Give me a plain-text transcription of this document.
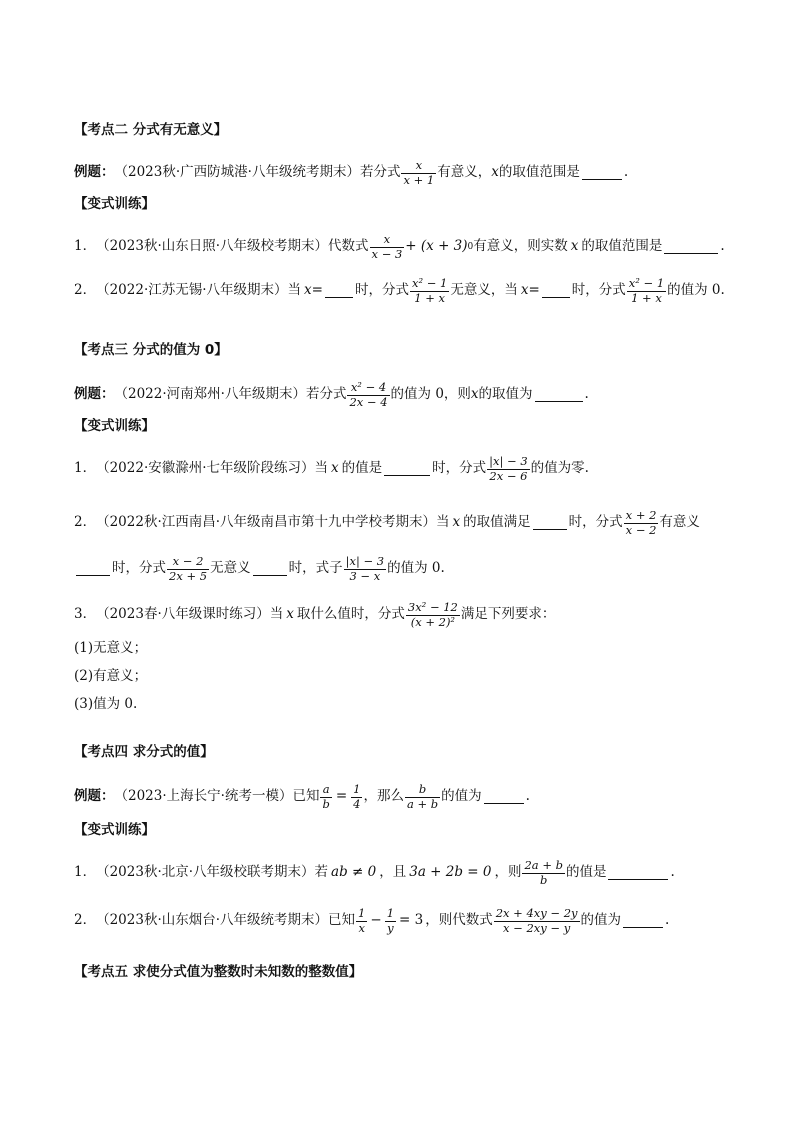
【考点二 分式有无意义】
例题： （2023秋·广西防城港·八年级统考期末） 若分式 $\frac{x}{x + 1}$ 有意义， x 的取值范围是	.
【变式训练】
1． （2023秋·山东日照·八年级校考期末） 代数式 $\frac{x}{x - 3} + (x + 3)$ 0 有意义，则实数 x 的取值范围是	.
2． （2022·江苏无锡·八年级期末） 当 x = 时，分式 $\frac{\text{x² − 1}}{1 + x}$ 无意义，当 x = 时，分式 $\frac{\text{x² − 1}}{1 + x}$ 的值为 0.
【考点三 分式的值为 0】
例题： （2022·河南郑州·八年级期末） 若分式 $\frac{\text{x² − 4}}{2x - 4}$ 的值为 0，则 x 的取值为	.
【变式训练】
1． （2022·安徽滁州·七年级阶段练习） 当 x 的值是	时，分式 $\frac{|x| - 3}{2x - 6}$ 的值为零.
2． （2022秋·江西南昌·八年级南昌市第十九中学校考期末） 当 x 的取值满足	时，分式 $\frac{x + 2}{x - 2}$ 有意义
时，分式 $\frac{x - 2}{2x + 5}$ 无意义	时，式子 $\frac{|x| - 3}{3 - x}$ 的值为 0.
3． （2023春·八年级课时练习） 当 x 取什么值时，分式 $\frac{\text{3x² − 12}}{\text{(x + 2)²}}$ 满足下列要求：
(1)无意义；
(2)有意义；
(3)值为 0.
【考点四 求分式的值】
例题： （2023·上海长宁·统考一模） 已知 $\frac{a}{b} = \frac{1}{4}$ ，那么 $\frac{b}{a + b}$ 的值为	.
【变式训练】
1． （2023秋·北京·八年级校联考期末） 若 ab ≠ 0 ，且 3a + 2b = 0 ，则 $\frac{2a + b}{b}$ 的值是	.
2． （2023秋·山东烟台·八年级统考期末） 已知 $\frac{1}{x} - \frac{1}{y} = 3$ ，则代数式 $\frac{2x + 4xy - 2y}{x - 2xy - y}$ 的值为	.
【考点五 求使分式值为整数时未知数的整数值】
